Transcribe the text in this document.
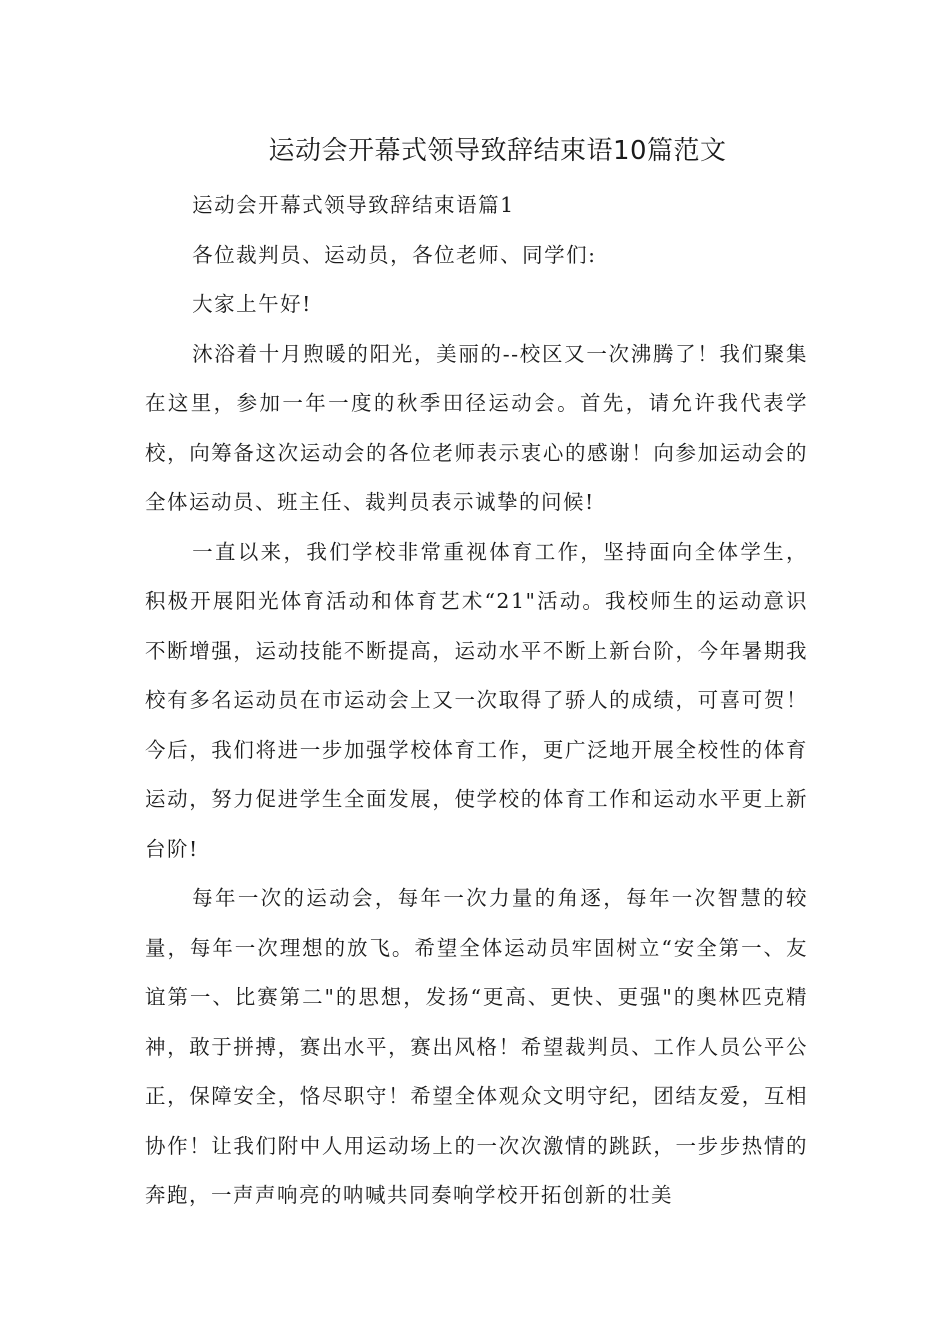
运动会开幕式领导致辞结束语10篇范文

运动会开幕式领导致辞结束语篇1

各位裁判员、运动员，各位老师、同学们:

大家上午好!

沐浴着十月煦暖的阳光，美丽的--校区又一次沸腾了！我们聚集在这里，参加一年一度的秋季田径运动会。首先，请允许我代表学校，向筹备这次运动会的各位老师表示衷心的感谢！向参加运动会的全体运动员、班主任、裁判员表示诚挚的问候!

一直以来，我们学校非常重视体育工作，坚持面向全体学生，积极开展阳光体育活动和体育艺术“21"活动。我校师生的运动意识不断增强，运动技能不断提高，运动水平不断上新台阶，今年暑期我校有多名运动员在市运动会上又一次取得了骄人的成绩，可喜可贺！今后，我们将进一步加强学校体育工作，更广泛地开展全校性的体育运动，努力促进学生全面发展，使学校的体育工作和运动水平更上新台阶!

每年一次的运动会，每年一次力量的角逐，每年一次智慧的较量，每年一次理想的放飞。希望全体运动员牢固树立“安全第一、友谊第一、比赛第二"的思想，发扬“更高、更快、更强"的奥林匹克精神，敢于拼搏，赛出水平，赛出风格！希望裁判员、工作人员公平公正，保障安全，恪尽职守！希望全体观众文明守纪，团结友爱，互相协作！让我们附中人用运动场上的一次次激情的跳跃，一步步热情的奔跑，一声声响亮的呐喊共同奏响学校开拓创新的壮美
